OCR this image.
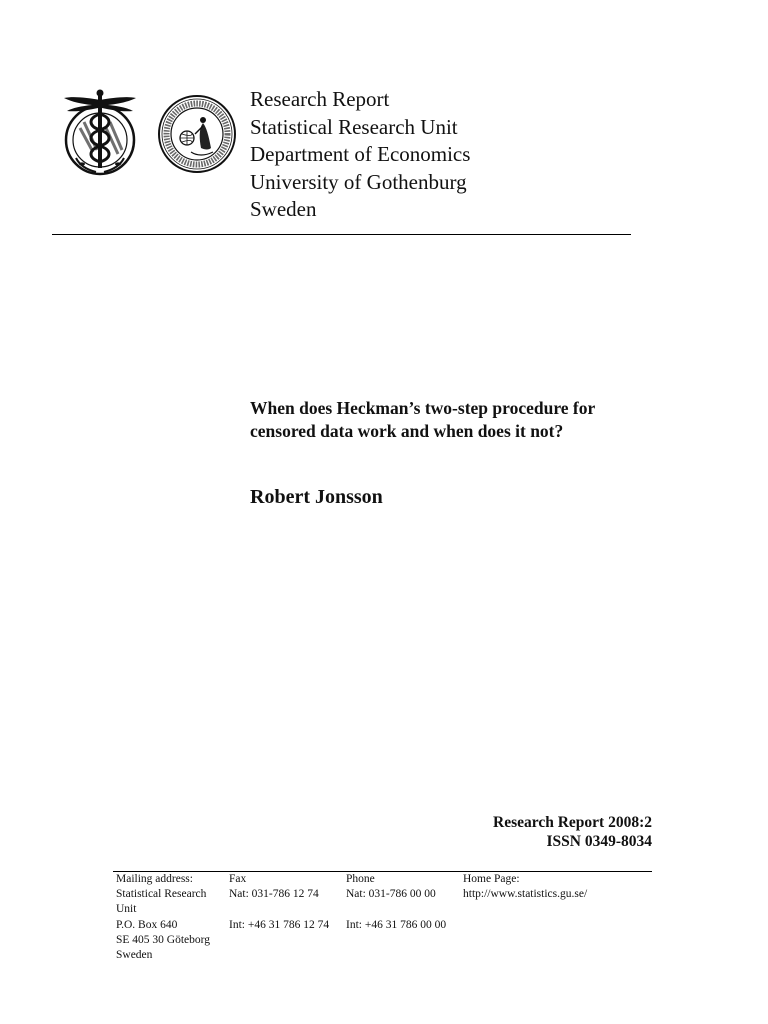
Research Report
Statistical Research Unit
Department of Economics
University of Gothenburg
Sweden
When does Heckman’s two-step procedure for censored data work and when does it not?
Robert Jonsson
Research Report 2008:2
ISSN 0349-8034
Mailing address:
Statistical Research
Unit
P.O. Box 640
SE 405 30 Göteborg
Sweden
Fax
Nat: 031-786 12 74
Int: +46 31 786 12 74
Phone
Nat: 031-786 00 00
Int: +46 31 786 00 00
Home Page:
http://www.statistics.gu.se/
